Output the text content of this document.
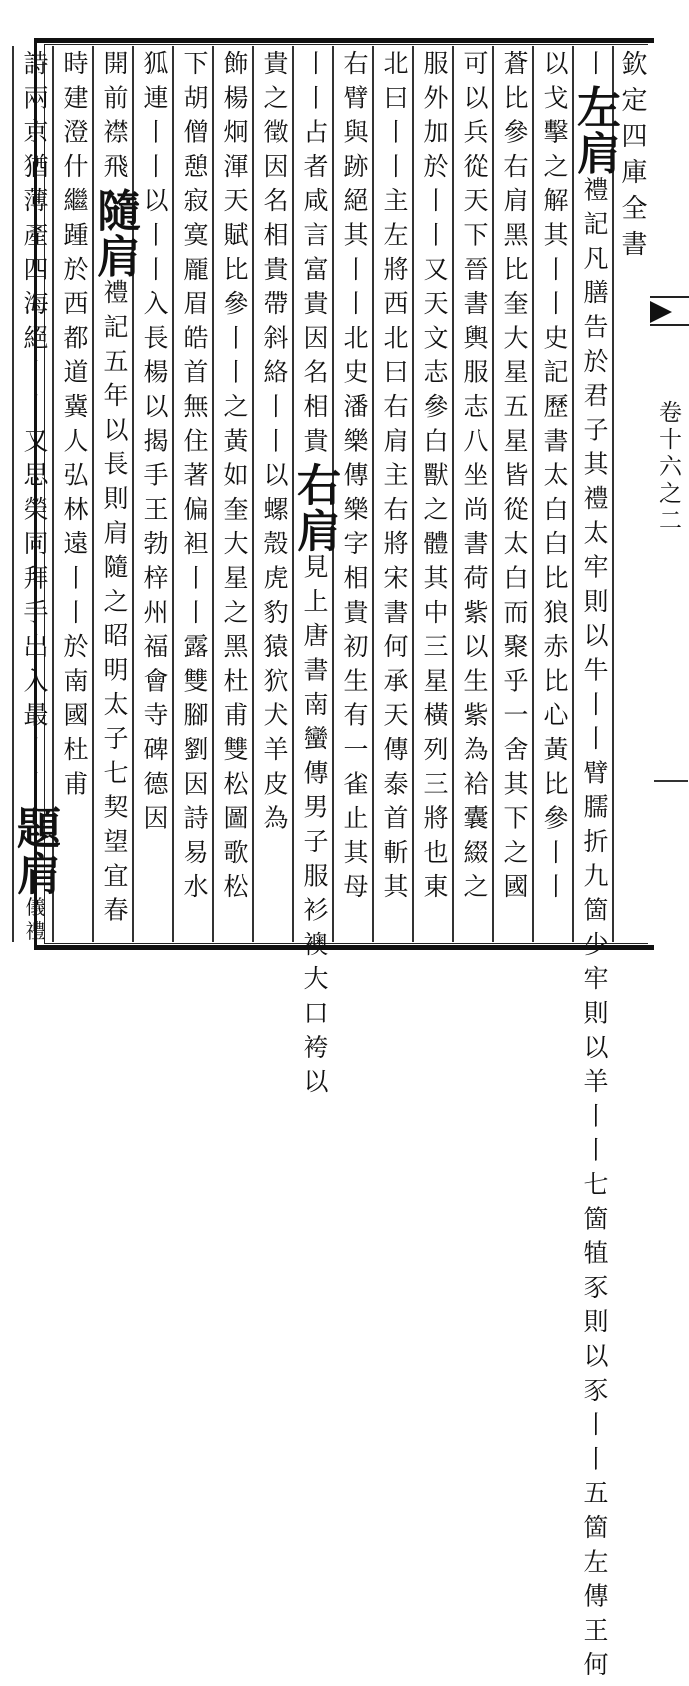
丨左肩禮記凡膳告於君子其禮太牢則以牛丨丨臂臑折九箇少牢則以羊丨丨七箇犆豕則以豕丨丨五箇左傳王何
以戈擊之解其丨丨史記歷書太白白比狼赤比心黃比參丨丨
蒼比參右肩黑比奎大星五星皆從太白而聚乎一舍其下之國
可以兵從天下晉書輿服志八坐尚書荷紫以生紫為袷囊綴之
服外加於丨丨又天文志參白獸之體其中三星橫列三將也東
北曰丨丨主左將西北曰右肩主右將宋書何承天傳泰首斬其
右臂與跡絕其丨丨北史潘樂傳樂字相貴初生有一雀止其母
丨丨占者咸言富貴因名相貴右肩見上唐書南蠻傳男子服衫襖大口袴以
貴之徵因名相貴帶斜絡丨丨以螺殼虎豹猿狖犬羊皮為
飾楊炯渾天賦比參丨丨之黃如奎大星之黑杜甫雙松圖歌松
下胡僧憩寂寞龎眉皓首無住著偏袒丨丨露雙腳劉因詩易水
狐連丨丨以丨丨入長楊以揭手王勃梓州福會寺碑德因
開前襟飛隨肩禮記五年以長則肩隨之昭明太子七契望宜春
時建澄什繼踵於西都道冀人弘林遠丨丨於南國杜甫
詩兩京猶薄產四海絕丨丨又思榮同拜手出入最丨丨題肩儀禮
欽定四庫全書
卷十六之二
